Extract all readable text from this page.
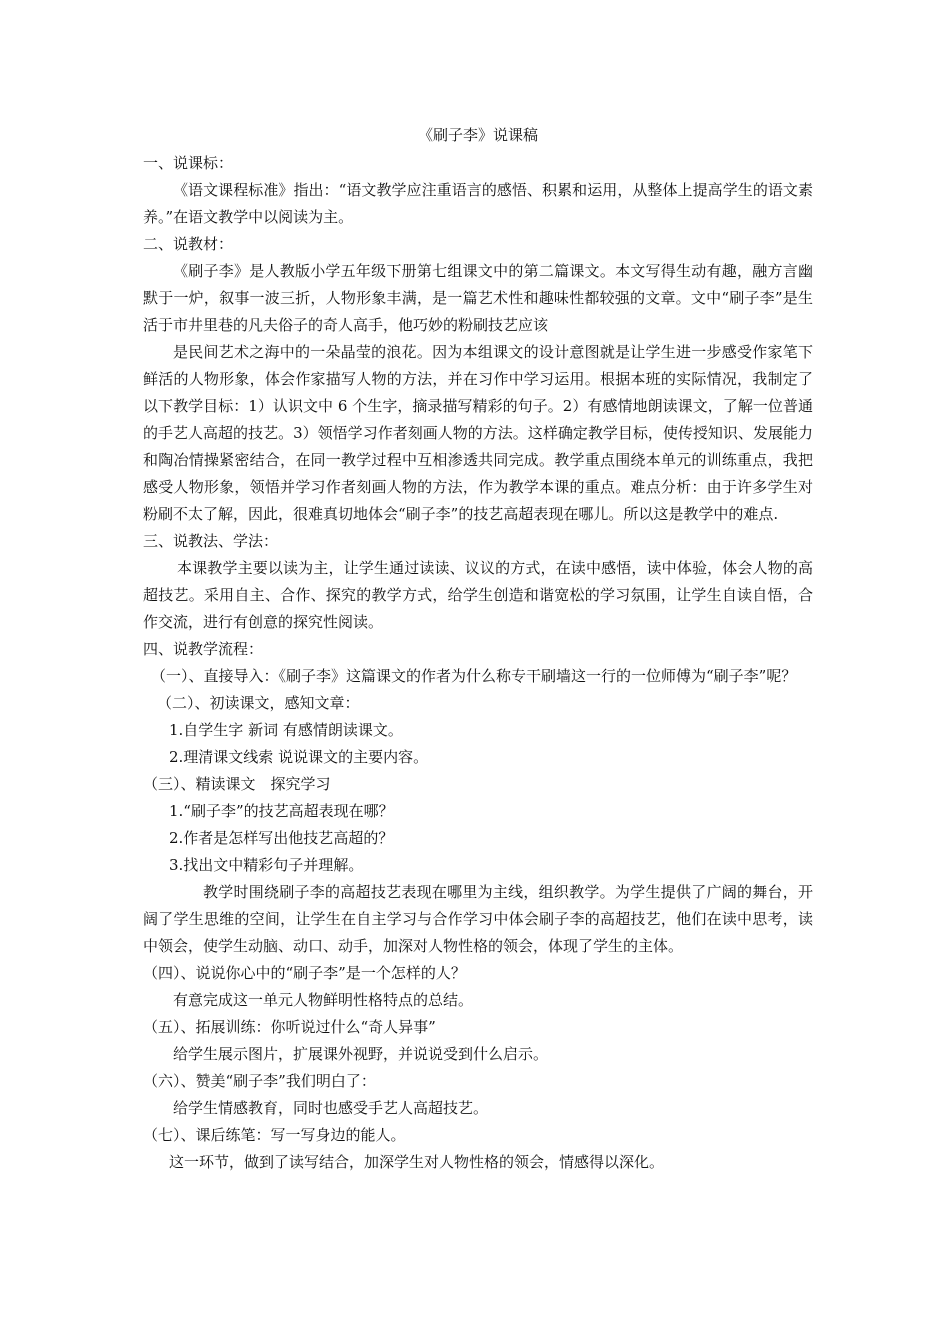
《刷子李》说课稿

一、说课标：

《语文课程标准》指出：“语文教学应注重语言的感悟、积累和运用，从整体上提高学生的语文素养。”在语文教学中以阅读为主。

二、说教材：

《刷子李》是人教版小学五年级下册第七组课文中的第二篇课文。本文写得生动有趣，融方言幽默于一炉，叙事一波三折，人物形象丰满，是一篇艺术性和趣味性都较强的文章。文中“刷子李”是生活于市井里巷的凡夫俗子的奇人高手，他巧妙的粉刷技艺应该

是民间艺术之海中的一朵晶莹的浪花。因为本组课文的设计意图就是让学生进一步感受作家笔下鲜活的人物形象，体会作家描写人物的方法，并在习作中学习运用。根据本班的实际情况，我制定了以下教学目标：1）认识文中 6 个生字，摘录描写精彩的句子。2）有感情地朗读课文，了解一位普通的手艺人高超的技艺。3）领悟学习作者刻画人物的方法。这样确定教学目标，使传授知识、发展能力和陶冶情操紧密结合，在同一教学过程中互相渗透共同完成。教学重点围绕本单元的训练重点，我把感受人物形象，领悟并学习作者刻画人物的方法，作为教学本课的重点。难点分析：由于许多学生对粉刷不太了解，因此，很难真切地体会“刷子李”的技艺高超表现在哪儿。所以这是教学中的难点.

三、说教法、学法：

本课教学主要以读为主，让学生通过读读、议议的方式，在读中感悟，读中体验，体会人物的高超技艺。采用自主、合作、探究的教学方式，给学生创造和谐宽松的学习氛围，让学生自读自悟，合作交流，进行有创意的探究性阅读。

四、说教学流程：

（一）、直接导入：《刷子李》这篇课文的作者为什么称专干刷墙这一行的一位师傅为“刷子李”呢？

（二）、初读课文，感知文章：

1.自学生字 新词 有感情朗读课文。

2.理清课文线索 说说课文的主要内容。

（三）、精读课文　探究学习

1.“刷子李”的技艺高超表现在哪？

2.作者是怎样写出他技艺高超的？

3.找出文中精彩句子并理解。

教学时围绕刷子李的高超技艺表现在哪里为主线，组织教学。为学生提供了广阔的舞台，开阔了学生思维的空间，让学生在自主学习与合作学习中体会刷子李的高超技艺，他们在读中思考，读中领会，使学生动脑、动口、动手，加深对人物性格的领会，体现了学生的主体。

（四）、说说你心中的“刷子李”是一个怎样的人？

有意完成这一单元人物鲜明性格特点的总结。

（五）、拓展训练：你听说过什么“奇人异事”

给学生展示图片，扩展课外视野，并说说受到什么启示。

（六）、赞美“刷子李”我们明白了：

给学生情感教育，同时也感受手艺人高超技艺。

（七）、课后练笔：写一写身边的能人。

这一环节，做到了读写结合，加深学生对人物性格的领会，情感得以深化。
